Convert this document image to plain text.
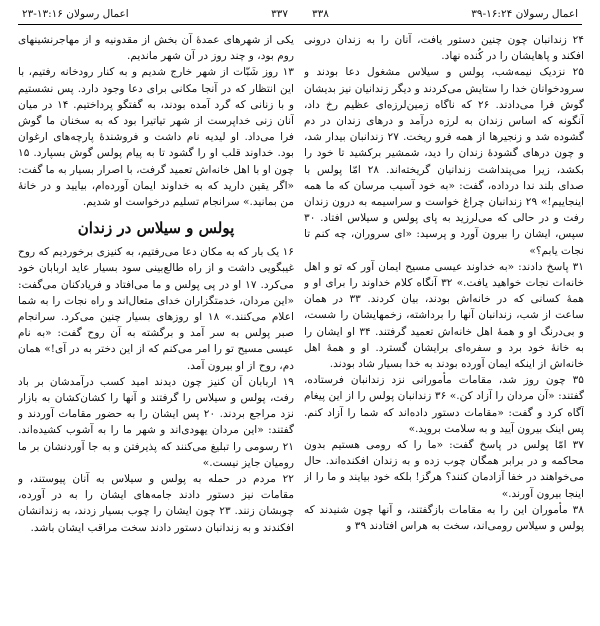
اعمال رسولان ۱۶:۲۴-۳۹
۳۳۸
۳۳۷
اعمال رسولان ۱۳:۱۶-۲۳

۲۴ زندانبان چون چنین دستور یافت، آنان را به زندان درونی افکند و پاهایشان را در کُنده نهاد.

۲۵ نزدیک نیمه‌شب، پولس و سیلاس مشغول دعا بودند و سرودخوانان خدا را ستایش می‌کردند و دیگر زندانیان نیز بدیشان گوش فرا می‌دادند. ۲۶ که ناگاه زمین‌لرزه‌ای عظیم رخ داد، آنگونه که اساس زندان به لرزه درآمد و درهای زندان در دم گشوده شد و زنجیرها از همه فرو ریخت. ۲۷ زندانبان بیدار شد، و چون درهای گشوده‌ٔ زندان را دید، شمشیر برکشید تا خود را بکشد، زیرا می‌پنداشت زندانیان گریخته‌اند. ۲۸ امّا پولس با صدای بلند ندا درداده، گفت: «به خود آسیب مرسان که ما همه اینجاییم!» ۲۹ زندانبان چراغ خواست و سراسیمه به درون زندان رفت و در حالی که می‌لرزید به پای پولس و سیلاس افتاد. ۳۰ سپس، ایشان را بیرون آورد و پرسید: «ای سروران، چه کنم تا نجات یابم؟»

۳۱ پاسخ دادند: «به خداوند عیسی مسیح ایمان آور که تو و اهل خانه‌ات نجات خواهید یافت.» ۳۲ آنگاه کلام خداوند را برای او و همهٔ کسانی که در خانه‌اش بودند، بیان کردند. ۳۳ در همان ساعت از شب، زندانبان آنها را برداشته، زخمهایشان را شست، و بی‌درنگ او و همهٔ اهل خانه‌اش تعمید گرفتند. ۳۴ او ایشان را به خانهٔ خود برد و سفره‌ای برایشان گسترد. او و همهٔ اهل خانه‌اش از اینکه ایمان آورده بودند به خدا بسیار شاد بودند.

۳۵ چون روز شد، مقامات مأمورانی نزد زندانبان فرستاده، گفتند: «آن مردان را آزاد کن.» ۳۶ زندانبان پولس را از این پیغام آگاه کرد و گفت: «مقامات دستور داده‌اند که شما را آزاد کنم. پس اینک بیرون آیید و به سلامت بروید.»

۳۷ امّا پولس در پاسخ گفت: «ما را که رومی هستیم بدون محاکمه و در برابر همگان چوب زده و به زندان افکنده‌اند. حال می‌خواهند در خفا آزادمان کنند؟ هرگز! بلکه خود بیایند و ما را از اینجا بیرون آورند.»

۳۸ مأموران این را به مقامات بازگفتند، و آنها چون شنیدند که پولس و سیلاس رومی‌اند، سخت به هراس افتادند ۳۹ و

یکی از شهرهای عمدهٔ آن بخش از مقدونیه و از مهاجرنشینهای روم بود، و چند روز در آن شهر ماندیم.

۱۳ روز شَبّات از شهر خارج شدیم و به کنار رودخانه رفتیم، با این انتظار که در آنجا مکانی برای دعا وجود دارد. پس نشستیم و با زنانی که گرد آمده بودند، به گفتگو پرداختیم. ۱۴ در میان آنان زنی خداپرست از شهر تیاتیرا بود که به سخنان ما گوش فرا می‌داد. او لیدیه نام داشت و فروشندهٔ پارچه‌های ارغوان بود. خداوند قلب او را گشود تا به پیام پولس گوش بسپارد. ۱۵ چون او با اهل خانه‌اش تعمید گرفت، با اصرار بسیار به ما گفت: «اگر یقین دارید که به خداوند ایمان آورده‌ام، بیایید و در خانهٔ من بمانید.» سرانجام تسلیم درخواست او شدیم.

پولس و سیلاس در زندان

۱۶ یک بار که به مکان دعا می‌رفتیم، به کنیزی برخوردیم که روح غیبگویی داشت و از راه طالع‌بینی سود بسیار عاید اربابان خود می‌کرد. ۱۷ او در پی پولس و ما می‌افتاد و فریادکنان می‌گفت: «این مردان، خدمتگزاران خدای متعال‌اند و راه نجات را به شما اعلام می‌کنند.» ۱۸ او روزهای بسیار چنین می‌کرد. سرانجام صبر پولس به سر آمد و برگشته به آن روح گفت: «به نام عیسی مسیح تو را امر می‌کنم که از این دختر به در آی!» همان دم، روح از او بیرون آمد.

۱۹ اربابان آن کنیز چون دیدند امید کسب درآمدشان بر باد رفت، پولس و سیلاس را گرفتند و آنها را کشان‌کشان به بازار نزد مراجع بردند. ۲۰ پس ایشان را به حضور مقامات آوردند و گفتند: «این مردان یهودی‌اند و شهر ما را به آشوب کشیده‌اند. ۲۱ رسومی را تبلیغ می‌کنند که پذیرفتن و به جا آوردنشان بر ما رومیان جایز نیست.»

۲۲ مردم در حمله به پولس و سیلاس به آنان پیوستند، و مقامات نیز دستور دادند جامه‌های ایشان را به در آورده، چوبشان زنند. ۲۳ چون ایشان را چوب بسیار زدند، به زندانشان افکندند و به زندانبان دستور دادند سخت مراقب ایشان باشد.
